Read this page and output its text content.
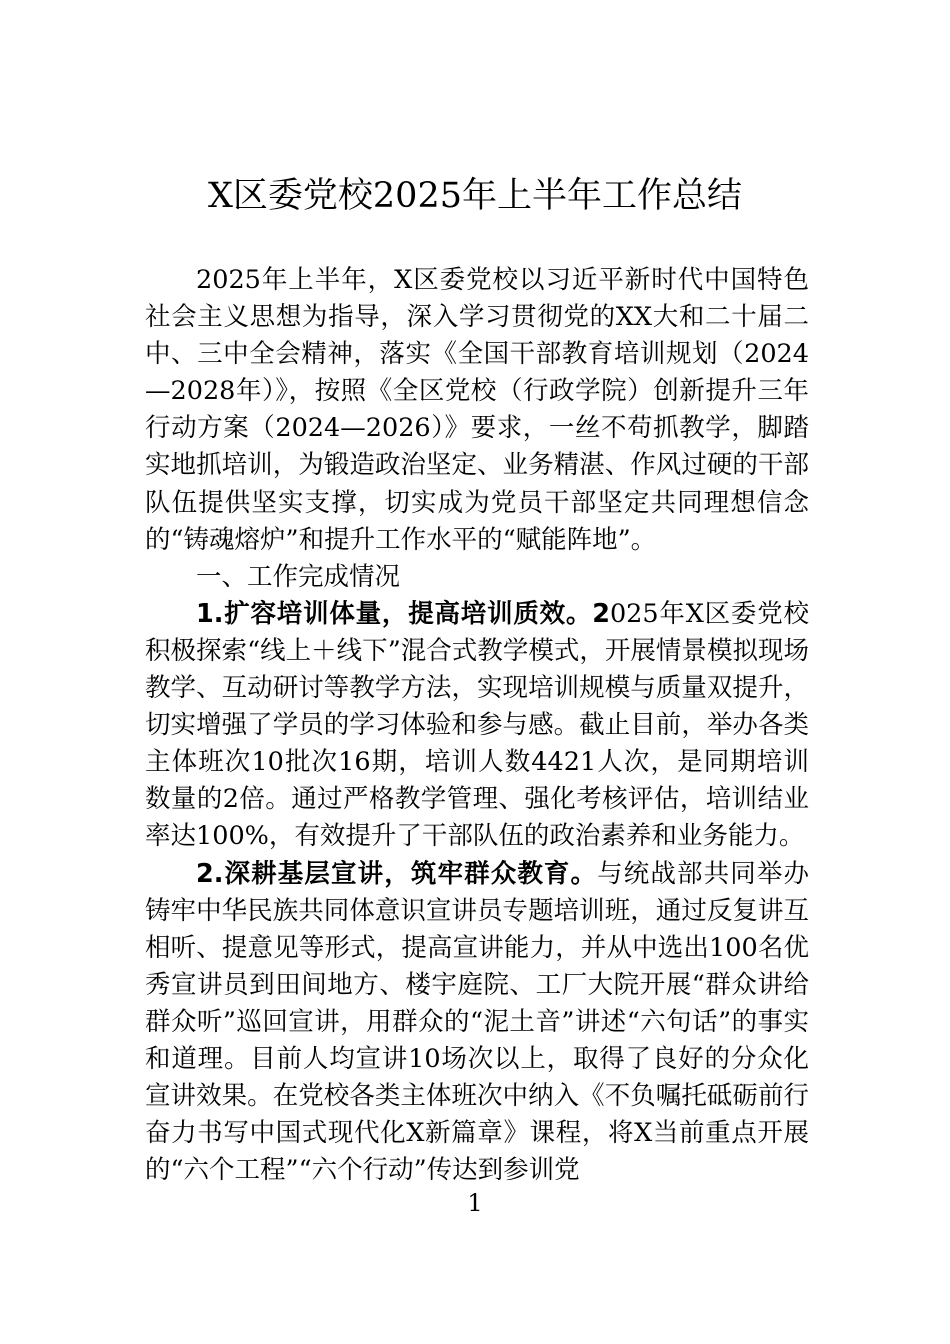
X区委党校2025年上半年工作总结

2025年上半年，X区委党校以习近平新时代中国特色社会主义思想为指导，深入学习贯彻党的XX大和二十届二中、三中全会精神，落实《全国干部教育培训规划（2024—2028年）》，按照《全区党校（行政学院）创新提升三年行动方案（2024—2026）》要求，一丝不苟抓教学，脚踏实地抓培训，为锻造政治坚定、业务精湛、作风过硬的干部队伍提供坚实支撑，切实成为党员干部坚定共同理想信念的“铸魂熔炉”和提升工作水平的“赋能阵地”。

一、工作完成情况

1.扩容培训体量，提高培训质效。2025年X区委党校积极探索“线上＋线下”混合式教学模式，开展情景模拟现场教学、互动研讨等教学方法，实现培训规模与质量双提升，切实增强了学员的学习体验和参与感。截止目前，举办各类主体班次10批次16期，培训人数4421人次，是同期培训数量的2倍。通过严格教学管理、强化考核评估，培训结业率达100%，有效提升了干部队伍的政治素养和业务能力。

2.深耕基层宣讲，筑牢群众教育。与统战部共同举办铸牢中华民族共同体意识宣讲员专题培训班，通过反复讲互相听、提意见等形式，提高宣讲能力，并从中选出100名优秀宣讲员到田间地方、楼宇庭院、工厂大院开展“群众讲给群众听”巡回宣讲，用群众的“泥土音”讲述“六句话”的事实和道理。目前人均宣讲10场次以上，取得了良好的分众化宣讲效果。在党校各类主体班次中纳入《不负嘱托砥砺前行奋力书写中国式现代化X新篇章》课程，将X当前重点开展的“六个工程”“六个行动”传达到参训党

1
